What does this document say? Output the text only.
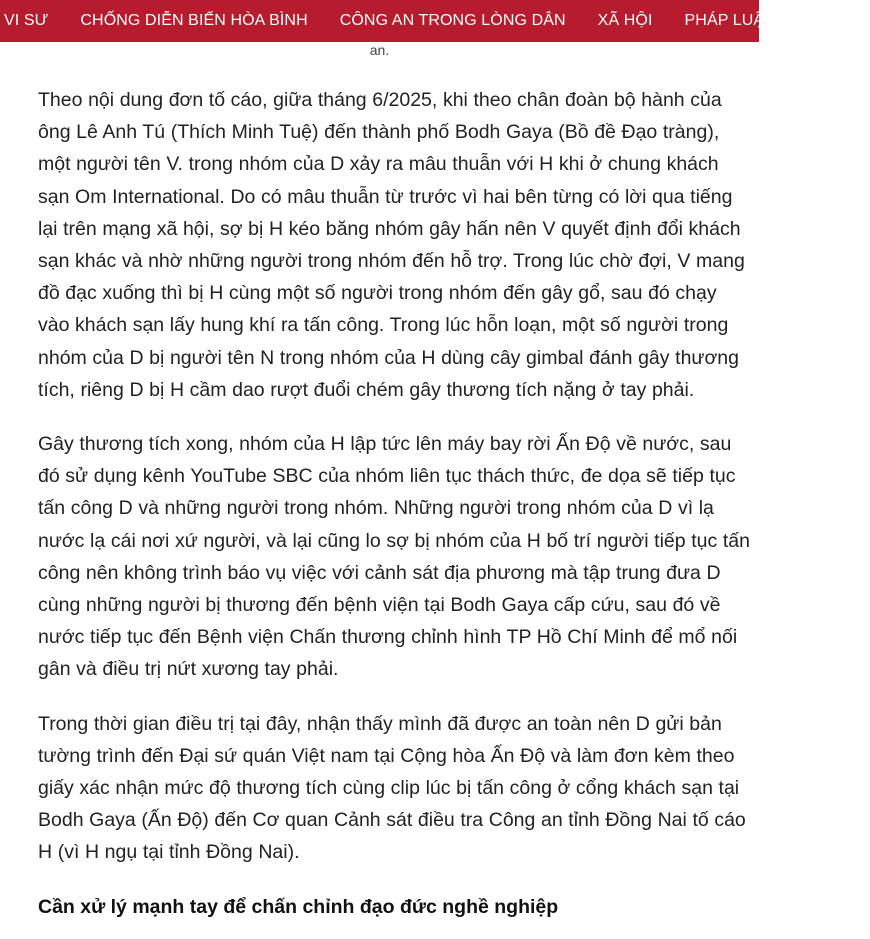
VI SƯ	CHỐNG DIỄN BIẾN HÒA BÌNH	CÔNG AN TRONG LÒNG DÂN	XÃ HỘI	PHÁP LUẬT	QUỐC
an.

Theo nội dung đơn tố cáo, giữa tháng 6/2025, khi theo chân đoàn bộ hành của ông Lê Anh Tú (Thích Minh Tuệ) đến thành phố Bodh Gaya (Bồ đề Đạo tràng), một người tên V. trong nhóm của D xảy ra mâu thuẫn với H khi ở chung khách sạn Om International. Do có mâu thuẫn từ trước vì hai bên từng có lời qua tiếng lại trên mạng xã hội, sợ bị H kéo băng nhóm gây hấn nên V quyết định đổi khách sạn khác và nhờ những người trong nhóm đến hỗ trợ. Trong lúc chờ đợi, V mang đồ đạc xuống thì bị H cùng một số người trong nhóm đến gây gổ, sau đó chạy vào khách sạn lấy hung khí ra tấn công. Trong lúc hỗn loạn, một số người trong nhóm của D bị người tên N trong nhóm của H dùng cây gimbal đánh gây thương tích, riêng D bị H cầm dao rượt đuổi chém gây thương tích nặng ở tay phải.

Gây thương tích xong, nhóm của H lập tức lên máy bay rời Ấn Độ về nước, sau đó sử dụng kênh YouTube SBC của nhóm liên tục thách thức, đe dọa sẽ tiếp tục tấn công D và những người trong nhóm. Những người trong nhóm của D vì lạ nước lạ cái nơi xứ người, và lại cũng lo sợ bị nhóm của H bố trí người tiếp tục tấn công nên không trình báo vụ việc với cảnh sát địa phương mà tập trung đưa D cùng những người bị thương đến bệnh viện tại Bodh Gaya cấp cứu, sau đó về nước tiếp tục đến Bệnh viện Chấn thương chỉnh hình TP Hồ Chí Minh để mổ nối gân và điều trị nứt xương tay phải.

Trong thời gian điều trị tại đây, nhận thấy mình đã được an toàn nên D gửi bản tường trình đến Đại sứ quán Việt nam tại Cộng hòa Ấn Độ và làm đơn kèm theo giấy xác nhận mức độ thương tích cùng clip lúc bị tấn công ở cổng khách sạn tại Bodh Gaya (Ấn Độ) đến Cơ quan Cảnh sát điều tra Công an tỉnh Đồng Nai tố cáo H (vì H ngụ tại tỉnh Đồng Nai).

Cần xử lý mạnh tay để chấn chỉnh đạo đức nghề nghiệp
